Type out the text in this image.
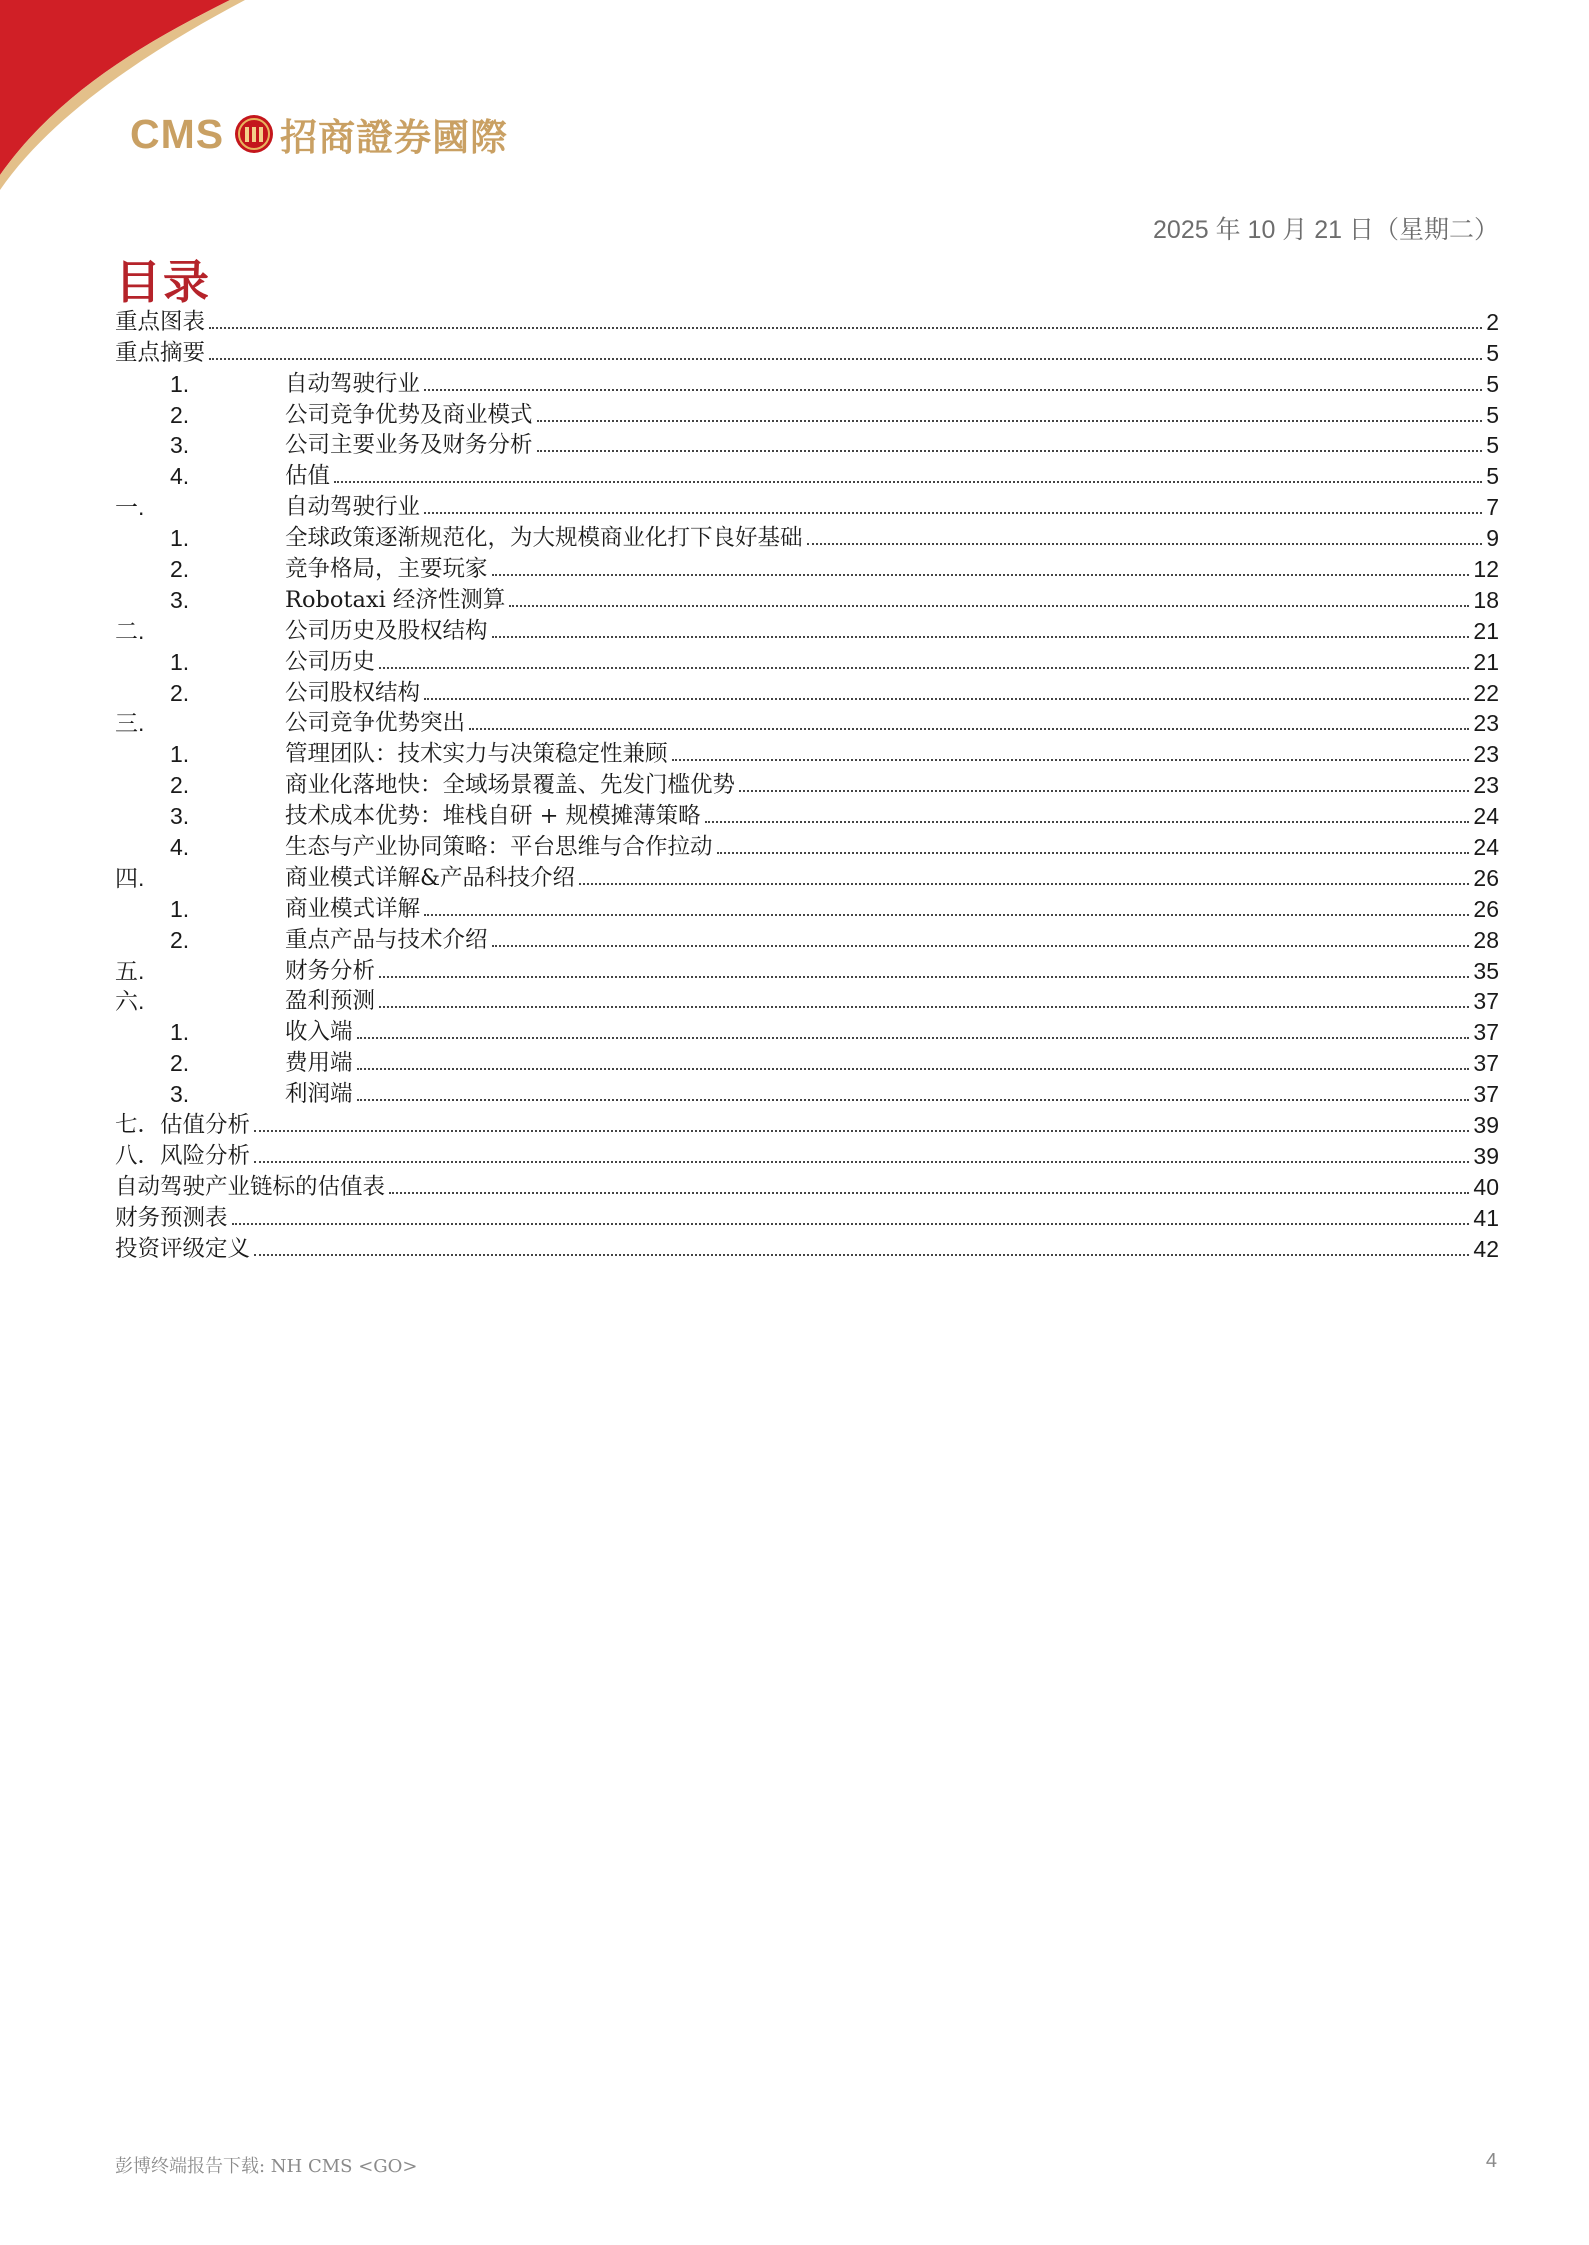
CMS 招商證券國際
2025 年 10 月 21 日（星期二）
目录
重点图表	2
重点摘要	5
1.	自动驾驶行业	5
2.	公司竞争优势及商业模式	5
3.	公司主要业务及财务分析	5
4.	估值	5
一.	自动驾驶行业	7
1.	全球政策逐渐规范化，为大规模商业化打下良好基础	9
2.	竞争格局，主要玩家	12
3.	Robotaxi 经济性测算	18
二.	公司历史及股权结构	21
1.	公司历史	21
2.	公司股权结构	22
三.	公司竞争优势突出	23
1.	管理团队：技术实力与决策稳定性兼顾	23
2.	商业化落地快：全域场景覆盖、先发门槛优势	23
3.	技术成本优势：堆栈自研 + 规模摊薄策略	24
4.	生态与产业协同策略：平台思维与合作拉动	24
四.	商业模式详解&产品科技介绍	26
1.	商业模式详解	26
2.	重点产品与技术介绍	28
五.	财务分析	35
六.	盈利预测	37
1.	收入端	37
2.	费用端	37
3.	利润端	37
七．估值分析	39
八．风险分析	39
自动驾驶产业链标的估值表	40
财务预测表	41
投资评级定义	42
彭博终端报告下载: NH CMS <GO>	4
